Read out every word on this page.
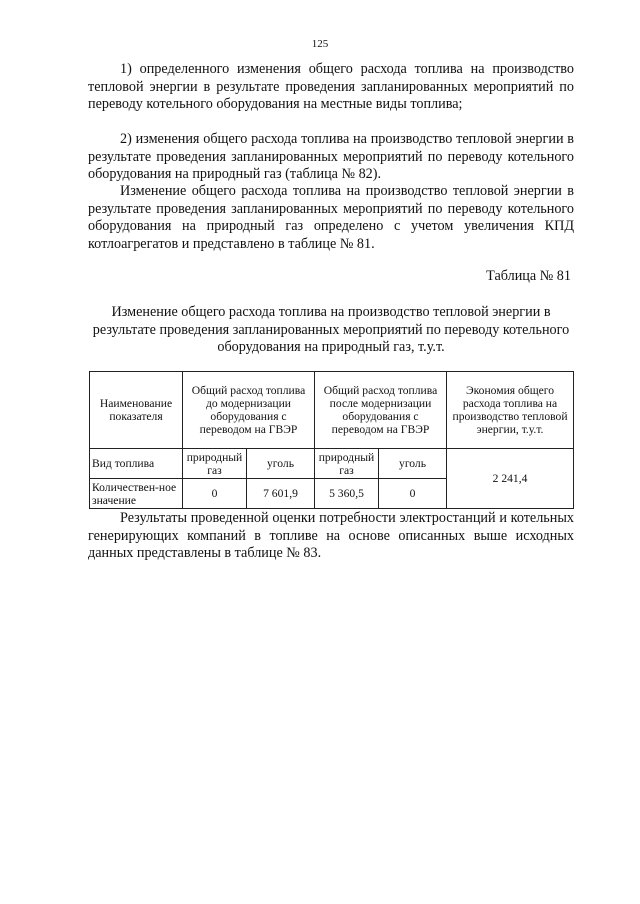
125

1) определенного изменения общего расхода топлива на производство тепловой энергии в результате проведения запланированных мероприятий по переводу котельного оборудования на местные виды топлива;

2) изменения общего расхода топлива на производство тепловой энергии в результате проведения запланированных мероприятий по переводу котельного оборудования на природный газ (таблица № 82).

Изменение общего расхода топлива на производство тепловой энергии в результате проведения запланированных мероприятий по переводу котельного оборудования на природный газ определено с учетом увеличения КПД котлоагрегатов и представлено в таблице № 81.

Таблица № 81

Изменение общего расхода топлива на производство тепловой энергии в результате проведения запланированных мероприятий по переводу котельного оборудования на природный газ, т.у.т.

Наименование показателя	Общий расход топлива до модернизации оборудования с переводом на ГВЭР		Общий расход топлива после модернизации оборудования с переводом на ГВЭР		Экономия общего расхода топлива на производство тепловой энергии, т.у.т.
Вид топлива	природный газ	уголь	природный газ	уголь	2 241,4
Количествен-ное значение	0	7 601,9	5 360,5	0	

Результаты проведенной оценки потребности электростанций и котельных генерирующих компаний в топливе на основе описанных выше исходных данных представлены в таблице № 83.
